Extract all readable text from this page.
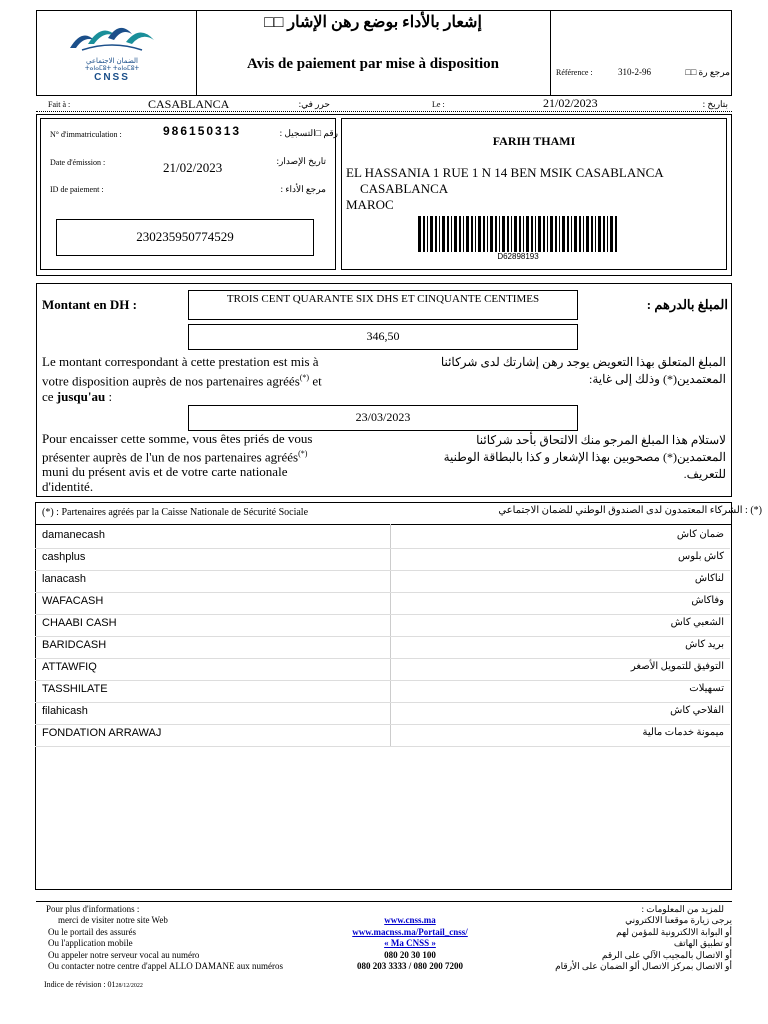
الضمان الاجتماعي
ⵜⴰⵏⴰⵎⵓⵜ ⵜⴰⵏⴰⵎⵓⵜ
CNSS
إشعار بالأداء بوضع رهن الإشار □□
Avis de paiement par mise à disposition
Référence :	310-2-96	مرجع رة □□
Fait à :	CASABLANCA	حرر في:	Le :	21/02/2023	بتاريخ :
N° d'immatriculation :	986150313	رقم □التسجيل :
Date d'émission :	21/02/2023	تاريخ الإصدار:
ID de paiement :	مرجع الأداء :
230235950774529
FARIH THAMI
EL HASSANIA 1 RUE 1 N 14 BEN MSIK CASABLANCA
CASABLANCA
MAROC
D62898193
Montant en DH :	المبلغ بالدرهم :
TROIS CENT QUARANTE SIX DHS ET CINQUANTE CENTIMES
346,50
Le montant correspondant à cette prestation est mis à
votre disposition auprès de nos partenaires agréés(*) et
ce jusqu'au :
المبلغ المتعلق بهذا التعويض يوجد رهن إشارتك لدى شركائنا
المعتمدين(*) وذلك إلى غاية:
23/03/2023
Pour encaisser cette somme, vous êtes priés de vous
présenter auprès de l'un de nos partenaires agréés(*)
muni du présent avis et de votre carte nationale
d'identité.
لاستلام هذا المبلغ المرجو منك الالتحاق بأحد شركائنا
المعتمدين(*) مصحوبين بهذا الإشعار و كذا بالبطاقة الوطنية
للتعريف.
(*) : Partenaires agréés par la Caisse Nationale de Sécurité Sociale	(*) : الشركاء المعتمدون لدى الصندوق الوطني للضمان الاجتماعي
damanecash	ضمان كاش
cashplus	كاش بلوس
lanacash	لناكاش
WAFACASH	وفاكاش
CHAABI CASH	الشعبي كاش
BARIDCASH	بريد كاش
ATTAWFIQ	التوفيق للتمويل الأصغر
TASSHILATE	تسهيلات
filahicash	الفلاحي كاش
FONDATION ARRAWAJ	ميمونة خدمات مالية
Pour plus d'informations :	للمزيد من المعلومات :
merci de visiter notre site Web	www.cnss.ma	يرجى زيارة موقعنا الالكتروني
Ou le portail des assurés	www.macnss.ma/Portail_cnss/	أو البوابة الالكترونية للمؤمن لهم
Ou l'application mobile	« Ma CNSS »	أو تطبيق الهاتف
Ou appeler notre serveur vocal au numéro	080 20 30 100	أو الاتصال بالمجيب الآلي على الرقم
Ou contacter notre centre d'appel ALLO DAMANE aux numéros	080 203 3333 / 080 200 7200	أو الاتصال بمركز الاتصال ألو الضمان على الأرقام
Indice de révision : 0128/12/2022
